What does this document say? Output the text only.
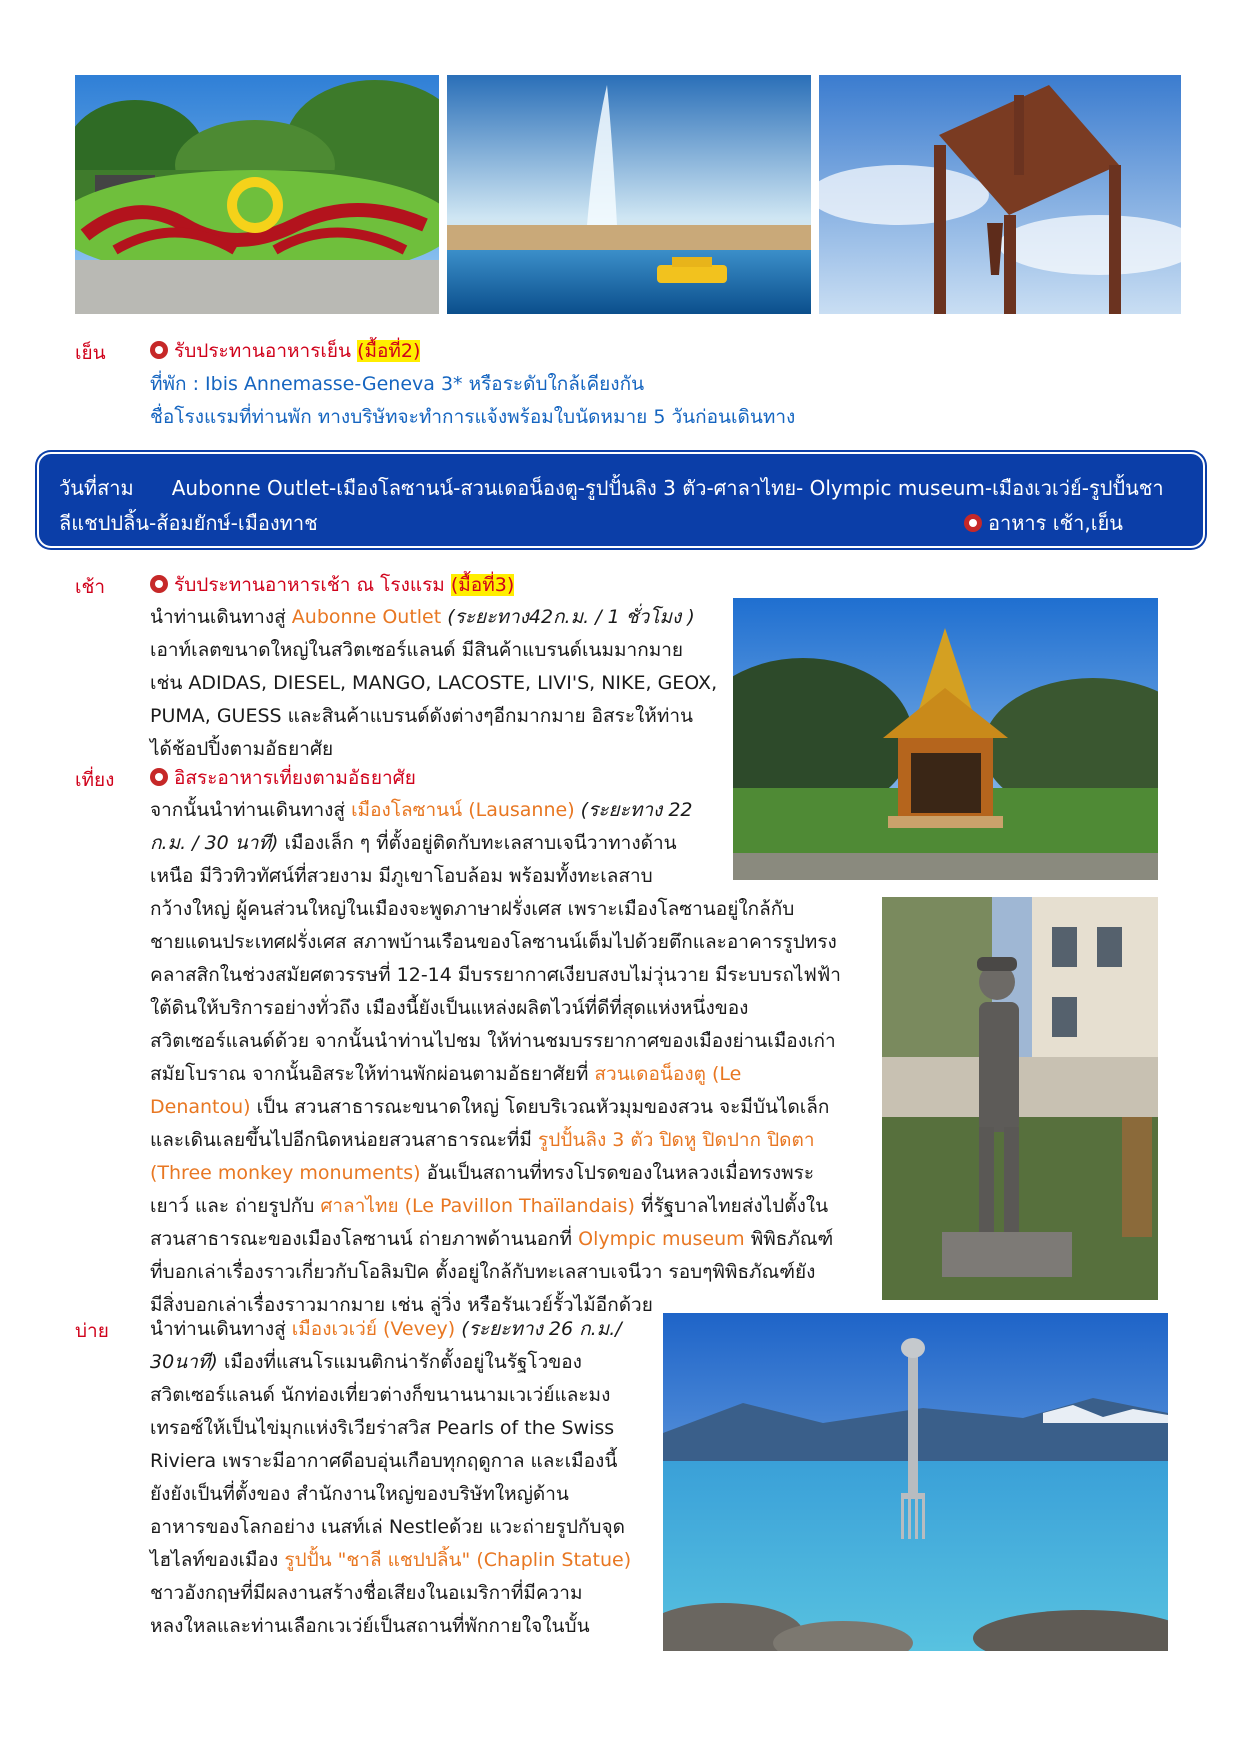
เย็น	รับประทานอาหารเย็น (มื้อที่2)
ที่พัก : Ibis Annemasse-Geneva 3* หรือระดับใกล้เคียงกัน
ชื่อโรงแรมที่ท่านพัก ทางบริษัทจะทำการแจ้งพร้อมใบนัดหมาย 5 วันก่อนเดินทาง
วันที่สาม Aubonne Outlet-เมืองโลซานน์-สวนเดอน็องตู-รูปปั้นลิง 3 ตัว-ศาลาไทย- Olympic museum-เมืองเวเว่ย์-รูปปั้นชา
ลีแชปปลิ้น-ส้อมยักษ์-เมืองทาช	อาหาร เช้า,เย็น
เช้า	รับประทานอาหารเช้า ณ โรงแรม (มื้อที่3)

นำท่านเดินทางสู่ Aubonne Outlet (ระยะทาง42ก.ม. / 1 ชั่วโมง )

เอาท์เลตขนาดใหญ่ในสวิตเซอร์แลนด์ มีสินค้าแบรนด์เนมมากมาย

เช่น ADIDAS, DIESEL, MANGO, LACOSTE, LIVI'S, NIKE, GEOX,

PUMA, GUESS และสินค้าแบรนด์ดังต่างๆอีกมากมาย อิสระให้ท่าน

ได้ช้อปปิ้งตามอัธยาศัย

เที่ยง	อิสระอาหารเที่ยงตามอัธยาศัย

จากนั้นนำท่านเดินทางสู่ เมืองโลซานน์ (Lausanne) (ระยะทาง 22

ก.ม. / 30 นาที) เมืองเล็ก ๆ ที่ตั้งอยู่ติดกับทะเลสาบเจนีวาทางด้าน

เหนือ มีวิวทิวทัศน์ที่สวยงาม มีภูเขาโอบล้อม พร้อมทั้งทะเลสาบ

กว้างใหญ่ ผู้คนส่วนใหญ่ในเมืองจะพูดภาษาฝรั่งเศส เพราะเมืองโลซานอยู่ใกล้กับ

ชายแดนประเทศฝรั่งเศส สภาพบ้านเรือนของโลซานน์เต็มไปด้วยตึกและอาคารรูปทรง

คลาสสิกในช่วงสมัยศตวรรษที่ 12-14 มีบรรยากาศเงียบสงบไม่วุ่นวาย มีระบบรถไฟฟ้า

ใต้ดินให้บริการอย่างทั่วถึง เมืองนี้ยังเป็นแหล่งผลิตไวน์ที่ดีที่สุดแห่งหนึ่งของ

สวิตเซอร์แลนด์ด้วย จากนั้นนำท่านไปชม ให้ท่านชมบรรยากาศของเมืองย่านเมืองเก่า

สมัยโบราณ จากนั้นอิสระให้ท่านพักผ่อนตามอัธยาศัยที่ สวนเดอน็องตู (Le

Denantou) เป็น สวนสาธารณะขนาดใหญ่ โดยบริเวณหัวมุมของสวน จะมีบันไดเล็ก

และเดินเลยขึ้นไปอีกนิดหน่อยสวนสาธารณะที่มี รูปปั้นลิง 3 ตัว ปิดหู ปิดปาก ปิดตา

(Three monkey monuments) อันเป็นสถานที่ทรงโปรดของในหลวงเมื่อทรงพระ

เยาว์ และ ถ่ายรูปกับ ศาลาไทย (Le Pavillon Thaïlandais) ที่รัฐบาลไทยส่งไปตั้งใน

สวนสาธารณะของเมืองโลซานน์ ถ่ายภาพด้านนอกที่ Olympic museum พิพิธภัณฑ์

ที่บอกเล่าเรื่องราวเกี่ยวกับโอลิมปิค ตั้งอยู่ใกล้กับทะเลสาบเจนีวา รอบๆพิพิธภัณฑ์ยัง

มีสิ่งบอกเล่าเรื่องราวมากมาย เช่น ลู่วิ่ง หรือรันเวย์รั้วไม้อีกด้วย

บ่าย นำท่านเดินทางสู่ เมืองเวเว่ย์ (Vevey) (ระยะทาง 26 ก.ม./

30นาที) เมืองที่แสนโรแมนติกน่ารักตั้งอยู่ในรัฐโวของ

สวิตเซอร์แลนด์ นักท่องเที่ยวต่างก็ขนานนามเวเว่ย์และมง

เทรอซ์ให้เป็นไข่มุกแห่งริเวียร่าสวิส Pearls of the Swiss

Riviera เพราะมีอากาศดีอบอุ่นเกือบทุกฤดูกาล และเมืองนี้

ยังยังเป็นที่ตั้งของ สำนักงานใหญ่ของบริษัทใหญ่ด้าน

อาหารของโลกอย่าง เนสท์เล่ Nestleด้วย แวะถ่ายรูปกับจุด

ไฮไลท์ของเมือง รูปปั้น "ชาลี แชปปลิ้น" (Chaplin Statue)

ชาวอังกฤษที่มีผลงานสร้างชื่อเสียงในอเมริกาที่มีความ

หลงใหลและท่านเลือกเวเว่ย์เป็นสถานที่พักกายใจในบั้น
